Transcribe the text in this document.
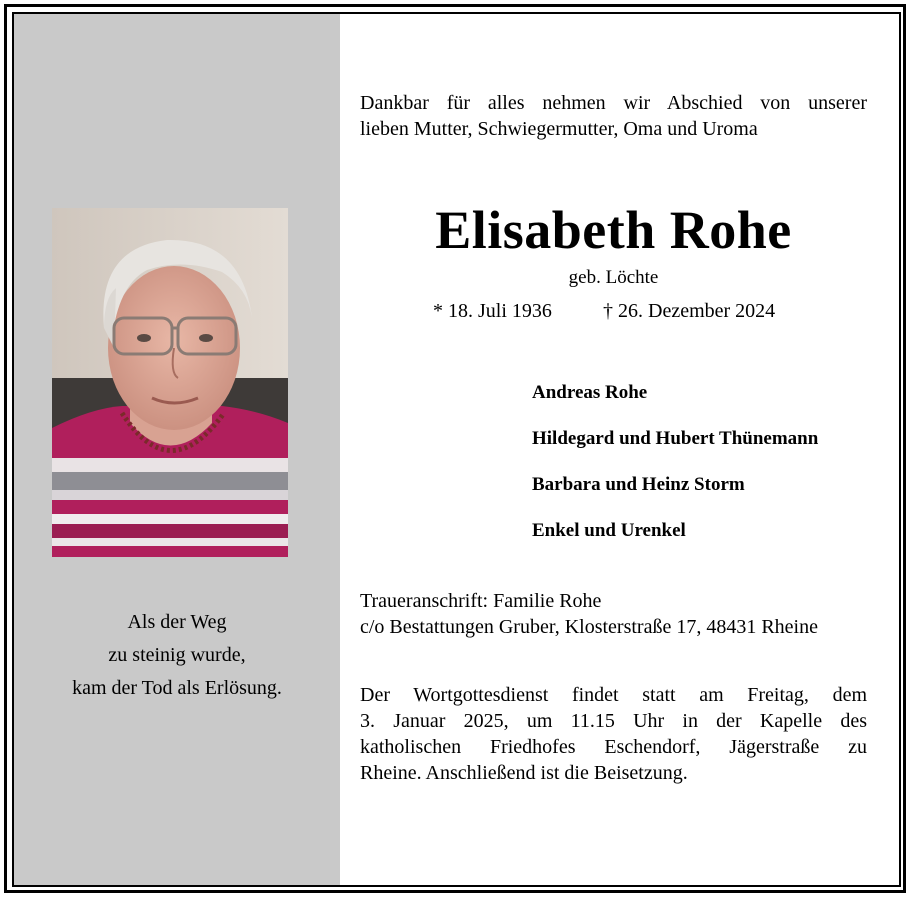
Als der Weg
zu steinig wurde,
kam der Tod als Erlösung.
Dankbar für alles nehmen wir Abschied von unserer
lieben Mutter, Schwiegermutter, Oma und Uroma
Elisabeth Rohe
geb. Löchte
* 18. Juli 1936	† 26. Dezember 2024
Andreas Rohe
Hildegard und Hubert Thünemann
Barbara und Heinz Storm
Enkel und Urenkel
Traueranschrift: Familie Rohe
c/o Bestattungen Gruber, Klosterstraße 17, 48431 Rheine
Der Wortgottesdienst findet statt am Freitag, dem
3. Januar 2025, um 11.15 Uhr in der Kapelle des
katholischen Friedhofes Eschendorf, Jägerstraße zu
Rheine. Anschließend ist die Beisetzung.
